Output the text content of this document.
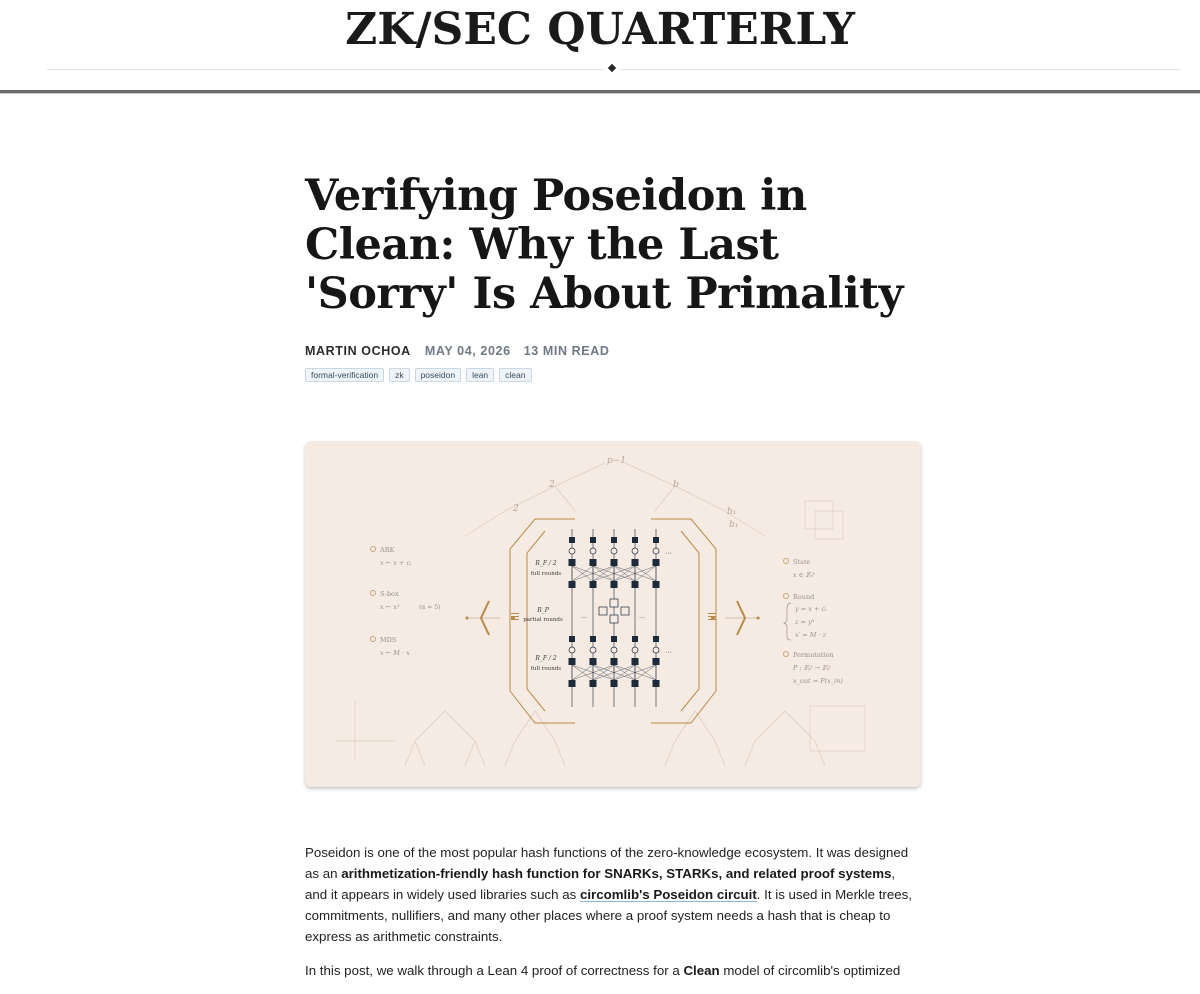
ZK/SEC QUARTERLY
Verifying Poseidon in Clean: Why the Last 'Sorry' Is About Primality
MARTIN OCHOA MAY 04, 2026 13 MIN READ
formal-verification	zk	poseidon	lean	clean
p−1
2	b
2	b₁
b₁
ARK
x ← x + cᵢ
S-box
x ← x⁵	(α = 5)
MDS
x ← M · x
State
x ∈ 𝔽ₚᵗ
Round
y = x + cᵢ
z = y⁵
x′ = M · z
Permutation
P : 𝔽ₚᵗ → 𝔽ₚᵗ
x_out = P(x_in)
R_F / 2
full rounds
R_P
partial rounds
R_F / 2
full rounds
···
···
···	···

Poseidon is one of the most popular hash functions of the zero-knowledge ecosystem. It was designed as an arithmetization-friendly hash function for SNARKs, STARKs, and related proof systems, and it appears in widely used libraries such as circomlib's Poseidon circuit. It is used in Merkle trees, commitments, nullifiers, and many other places where a proof system needs a hash that is cheap to express as arithmetic constraints.

In this post, we walk through a Lean 4 proof of correctness for a Clean model of circomlib's optimized
